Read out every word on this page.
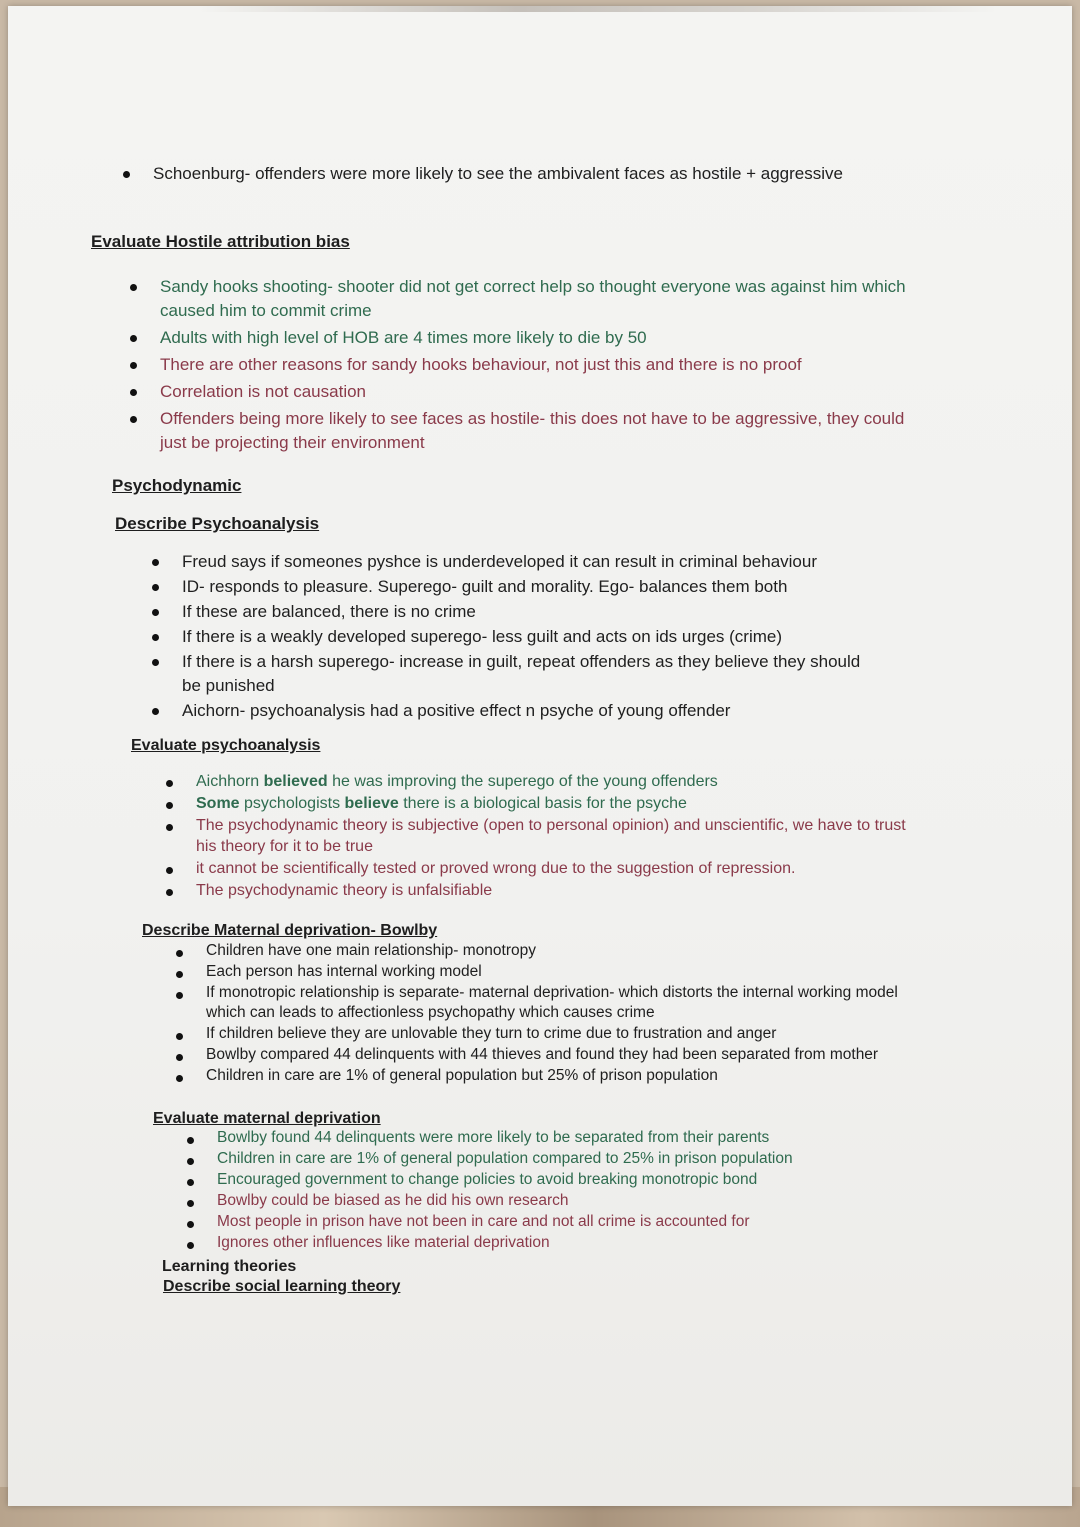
Schoenburg- offenders were more likely to see the ambivalent faces as hostile + aggressive
Evaluate Hostile attribution bias
Sandy hooks shooting- shooter did not get correct help so thought everyone was against him which caused him to commit crime
Adults with high level of HOB are 4 times more likely to die by 50
There are other reasons for sandy hooks behaviour, not just this and there is no proof
Correlation is not causation
Offenders being more likely to see faces as hostile- this does not have to be aggressive, they could just be projecting their environment
Psychodynamic
Describe Psychoanalysis
Freud says if someones pyshce is underdeveloped it can result in criminal behaviour
ID- responds to pleasure. Superego- guilt and morality. Ego- balances them both
If these are balanced, there is no crime
If there is a weakly developed superego- less guilt and acts on ids urges (crime)
If there is a harsh superego- increase in guilt, repeat offenders as they believe they should be punished
Aichorn- psychoanalysis had a positive effect n psyche of young offender
Evaluate psychoanalysis
Aichhorn believed he was improving the superego of the young offenders
Some psychologists believe there is a biological basis for the psyche
The psychodynamic theory is subjective (open to personal opinion) and unscientific, we have to trust his theory for it to be true
it cannot be scientifically tested or proved wrong due to the suggestion of repression.
The psychodynamic theory is unfalsifiable
Describe Maternal deprivation- Bowlby
Children have one main relationship- monotropy
Each person has internal working model
If monotropic relationship is separate- maternal deprivation- which distorts the internal working model which can leads to affectionless psychopathy which causes crime
If children believe they are unlovable they turn to crime due to frustration and anger
Bowlby compared 44 delinquents with 44 thieves and found they had been separated from mother
Children in care are 1% of general population but 25% of prison population
Evaluate maternal deprivation
Bowlby found 44 delinquents were more likely to be separated from their parents
Children in care are 1% of general population compared to 25% in prison population
Encouraged government to change policies to avoid breaking monotropic bond
Bowlby could be biased as he did his own research
Most people in prison have not been in care and not all crime is accounted for
Ignores other influences like material deprivation
Learning theories
Describe social learning theory
